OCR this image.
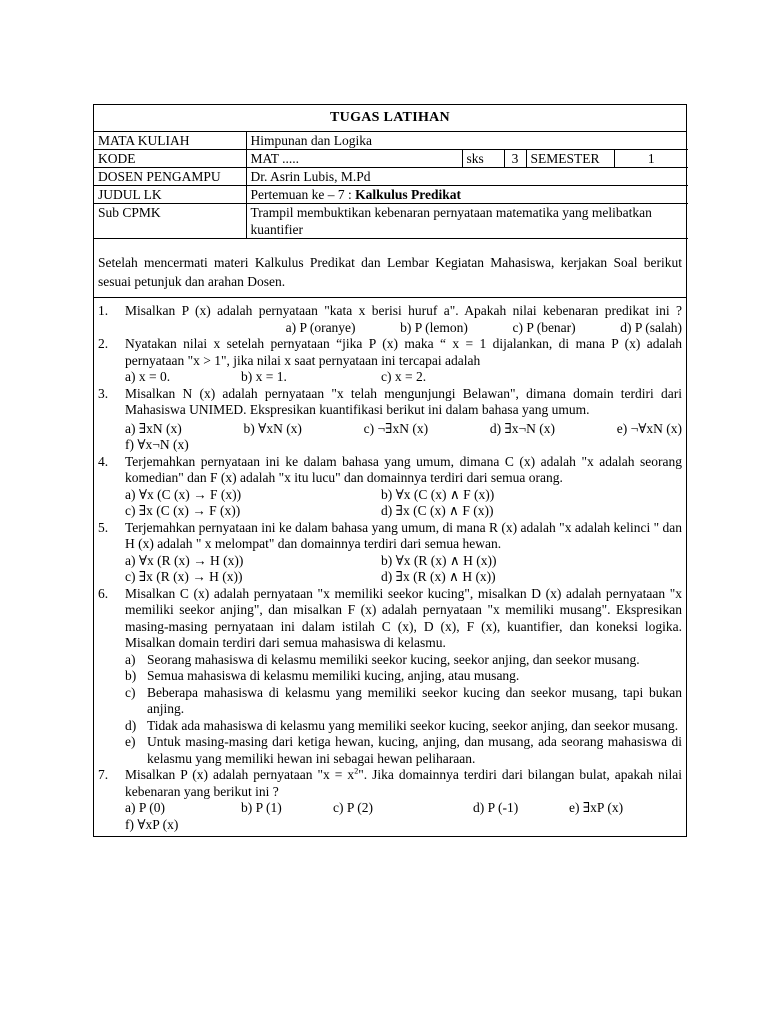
TUGAS LATIHAN
MATA KULIAH	Himpunan dan Logika				
KODE	MAT .....	sks	3	SEMESTER	1
DOSEN PENGAMPU	Dr. Asrin Lubis, M.Pd				
JUDUL LK	Pertemuan ke – 7 : Kalkulus Predikat				
Sub CPMK	Trampil membuktikan kebenaran pernyataan matematika yang melibatkan kuantifier				

Setelah mencermati materi Kalkulus Predikat dan Lembar Kegiatan Mahasiswa, kerjakan Soal berikut sesuai petunjuk dan arahan Dosen.

1.	Misalkan P (x) adalah pernyataan "kata x berisi huruf a". Apakah nilai kebenaran predikat ini ?

a) P (oranye)	b) P (lemon)	c) P (benar)	d) P (salah)
2.	Nyatakan nilai x setelah pernyataan “jika P (x) maka “ x = 1 dijalankan, di mana P (x) adalah pernyataan "x > 1", jika nilai x saat pernyataan ini tercapai adalah

a) x = 0.	b) x = 1.	c) x = 2.
3.	Misalkan N (x) adalah pernyataan "x telah mengunjungi Belawan", dimana domain terdiri dari Mahasiswa UNIMED. Ekspresikan kuantifikasi berikut ini dalam bahasa yang umum.

a) ∃xN (x)	b) ∀xN (x)	c) ¬∃xN (x)	d) ∃x¬N (x)	e) ¬∀xN (x)
f) ∀x¬N (x)
4.	Terjemahkan pernyataan ini ke dalam bahasa yang umum, dimana C (x) adalah "x adalah seorang komedian" dan F (x) adalah "x itu lucu" dan domainnya terdiri dari semua orang.

a) ∀x (C (x) → F (x))	b) ∀x (C (x) ∧ F (x))
c) ∃x (C (x) → F (x))	d) ∃x (C (x) ∧ F (x))
5.	Terjemahkan pernyataan ini ke dalam bahasa yang umum, di mana R (x) adalah "x adalah kelinci " dan H (x) adalah " x melompat" dan domainnya terdiri dari semua hewan.

a) ∀x (R (x) → H (x))	b) ∀x (R (x) ∧ H (x))
c) ∃x (R (x) → H (x))	d) ∃x (R (x) ∧ H (x))
6.	Misalkan C (x) adalah pernyataan "x memiliki seekor kucing", misalkan D (x) adalah pernyataan "x memiliki seekor anjing", dan misalkan F (x) adalah pernyataan "x memiliki musang". Ekspresikan masing-masing pernyataan ini dalam istilah C (x), D (x), F (x), kuantifier, dan koneksi logika. Misalkan domain terdiri dari semua mahasiswa di kelasmu.

a) Seorang mahasiswa di kelasmu memiliki seekor kucing, seekor anjing, dan seekor musang.
b) Semua mahasiswa di kelasmu memiliki kucing, anjing, atau musang.
c) Beberapa mahasiswa di kelasmu yang memiliki seekor kucing dan seekor musang, tapi bukan anjing.
d) Tidak ada mahasiswa di kelasmu yang memiliki seekor kucing, seekor anjing, dan seekor musang.
e) Untuk masing-masing dari ketiga hewan, kucing, anjing, dan musang, ada seorang mahasiswa di kelasmu yang memiliki hewan ini sebagai hewan peliharaan.
7.	Misalkan P (x) adalah pernyataan "$x = x^2$". Jika domainnya terdiri dari bilangan bulat, apakah nilai kebenaran yang berikut ini ?

a) P (0)	b) P (1)	c) P (2)	d) P (-1)	e) ∃xP (x)
f) ∀xP (x)
